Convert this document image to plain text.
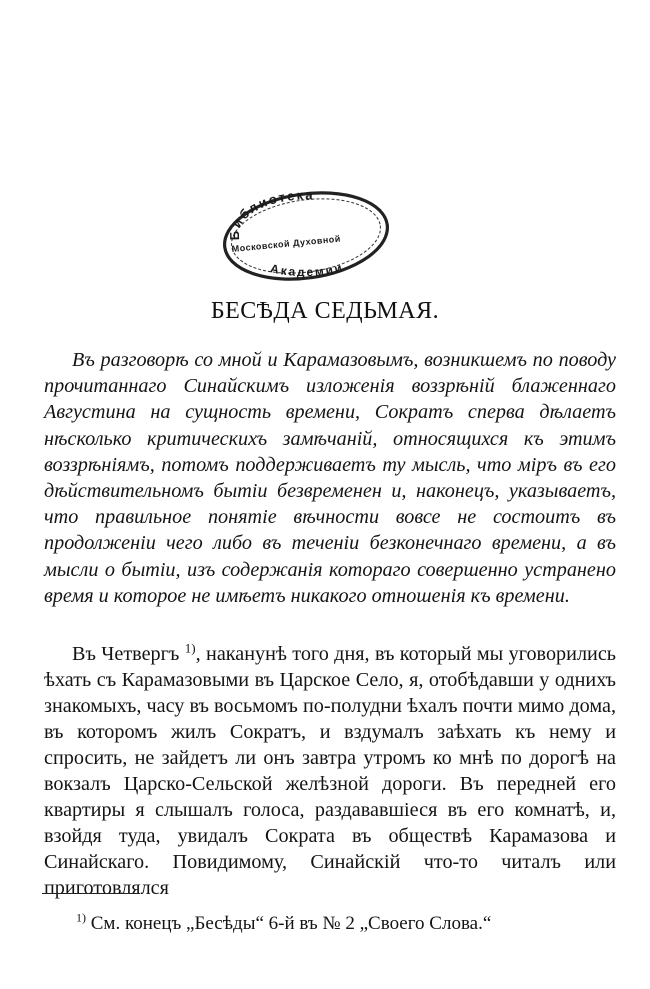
Библиотека
Московской Духовной
Академии
БЕСѢДА СЕДЬМАЯ.

Въ разговорѣ со мной и Карамазовымъ, возникшемъ по поводу прочитаннаго Синайскимъ изложенія воззрѣній блаженнаго Августина на сущность времени, Сократъ сперва дѣлаетъ нѣсколько критическихъ замѣчаній, относящихся къ этимъ воззрѣніямъ, потомъ поддерживаетъ ту мысль, что міръ въ его дѣйствительномъ бытіи безвременен и, наконецъ, указываетъ, что правильное понятіе вѣчности вовсе не состоитъ въ продолженіи чего либо въ теченіи безконечнаго времени, а въ мысли о бытіи, изъ содержанія котораго совершенно устранено время и которое не имѣетъ никакого отношенія къ времени.

Въ Четвергъ $^{1)}$, наканунѣ того дня, въ который мы уговорились ѣхать съ Карамазовыми въ Царское Село, я, отобѣдавши у однихъ знакомыхъ, часу въ восьмомъ по-полудни ѣхалъ почти мимо дома, въ которомъ жилъ Сократъ, и вздумалъ заѣхать къ нему и спросить, не зайдетъ ли онъ завтра утромъ ко мнѣ по дорогѣ на вокзалъ Царско-Сельской желѣзной дороги. Въ передней его квартиры я слышалъ голоса, раздававшіеся въ его комнатѣ, и, взойдя туда, увидалъ Сократа въ обществѣ Карамазова и Синайскаго. Повидимому, Синайскій что-то читалъ или приготовлялся

$^{1)}$ См. конецъ „Бесѣды“ 6-й въ № 2 „Своего Слова.“
